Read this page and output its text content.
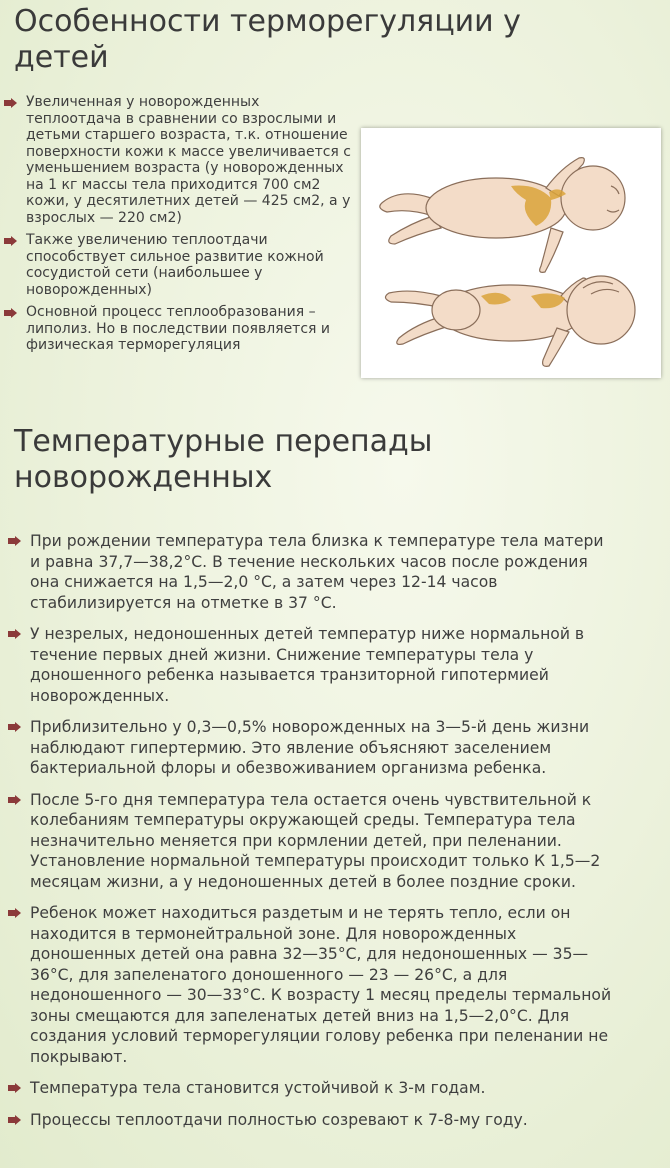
Особенности терморегуляции у детей
Увеличенная у новорожденных теплоотдача в сравнении со взрослыми и детьми старшего возраста, т.к. отношение поверхности кожи к массе увеличивается с уменьшением возраста (у новорожденных на 1 кг массы тела приходится 700 см2 кожи, у десятилетних детей — 425 см2, а у взрослых — 220 см2)
Также увеличению теплоотдачи способствует сильное развитие кожной сосудистой сети (наибольшее у новорожденных)
Основной процесс теплообразования – липолиз. Но в последствии появляется и физическая терморегуляция
Температурные перепады новорожденных
При рождении температура тела близка к температуре тела матери и равна 37,7—38,2°С. В течение нескольких часов после рождения она снижается на 1,5—2,0 °С, а затем через 12-14 часов стабилизируется на отметке в 37 °С.
У незрелых, недоношенных детей температур ниже нормальной в течение первых дней жизни. Снижение температуры тела у доношенного ребенка называется транзиторной гипотермией новорожденных.
Приблизительно у 0,3—0,5% новорожденных на 3—5-й день жизни наблюдают гипертермию. Это явление объясняют заселением бактериальной флоры и обезвоживанием организма ребенка.
После 5-го дня температура тела остается очень чувствительной к колебаниям температуры окружающей среды. Температура тела незначительно меняется при кормлении детей, при пеленании. Установление нормальной температуры происходит только К 1,5—2 месяцам жизни, а у недоношенных детей в более поздние сроки.
Ребенок может находиться раздетым и не терять тепло, если он находится в термонейтральной зоне. Для новорожденных доношенных детей она равна 32—35°С, для недоношенных — 35—36°С, для запеленатого доношенного — 23 — 26°С, а для недоношенного — 30—33°С. К возрасту 1 месяц пределы термальной зоны смещаются для запеленатых детей вниз на 1,5—2,0°С. Для создания условий терморегуляции голову ребенка при пеленании не покрывают.
Температура тела становится устойчивой к 3-м годам.
Процессы теплоотдачи полностью созревают к 7-8-му году.
